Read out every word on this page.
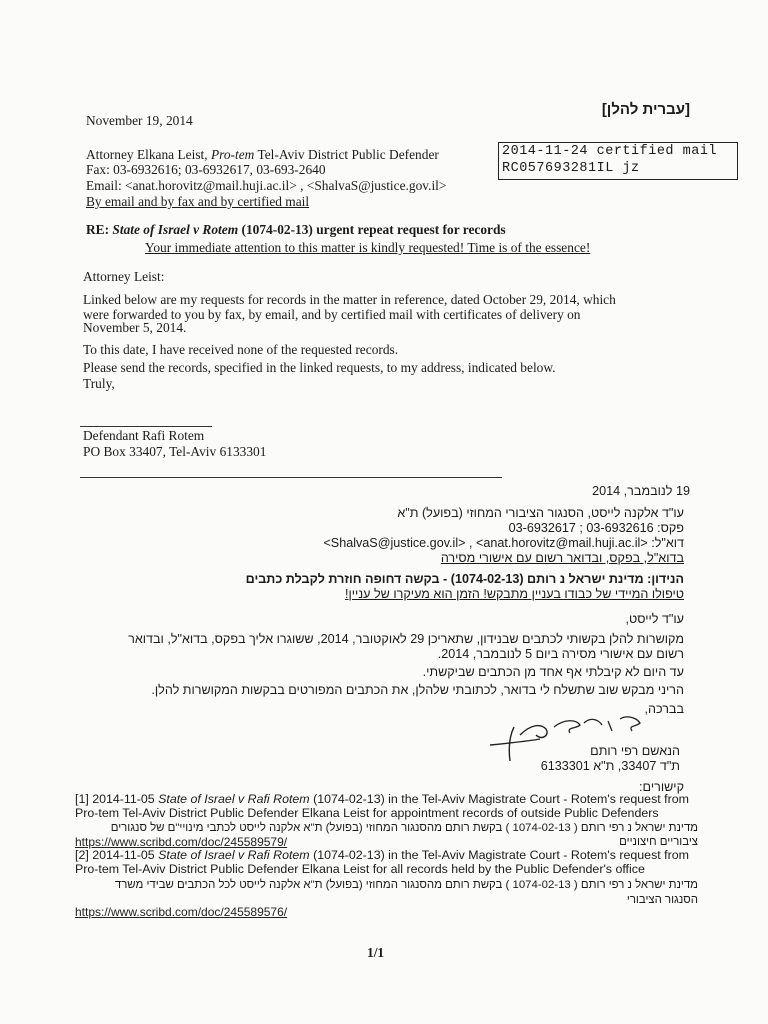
[עברית להלן]
November 19, 2014
2014-11-24 certified mail
RC057693281IL jz
Attorney Elkana Leist, Pro-tem Tel-Aviv District Public Defender
Fax: 03-6932616; 03-6932617, 03-693-2640
Email: <anat.horovitz@mail.huji.ac.il> , <ShalvaS@justice.gov.il>
By email and by fax and by certified mail
RE: State of Israel v Rotem (1074-02-13) urgent repeat request for records
Your immediate attention to this matter is kindly requested! Time is of the essence!
Attorney Leist:
Linked below are my requests for records in the matter in reference, dated October 29, 2014, which
were forwarded to you by fax, by email, and by certified mail with certificates of delivery on
November 5, 2014.
To this date, I have received none of the requested records.
Please send the records, specified in the linked requests, to my address, indicated below.
Truly,
Defendant Rafi Rotem
PO Box 33407, Tel-Aviv 6133301
19 לנובמבר, 2014
עו"ד אלקנה לייסט, הסנגור הציבורי המחוזי (בפועל) ת"א
פקס: 03-6932616 ; 03-6932617
דוא"ל: <ShalvaS@justice.gov.il> , <anat.horovitz@mail.huji.ac.il>
בדוא"ל, בפקס, ובדואר רשום עם אישורי מסירה
הנידון: מדינת ישראל נ רותם (1074-02-13) - בקשה דחופה חוזרת לקבלת כתבים
טיפולו המיידי של כבודו בעניין מתבקש! הזמן הוא מעיקרו של עניין!
עו"ד לייסט,
מקושרות להלן בקשותי לכתבים שבנידון, שתאריכן 29 לאוקטובר, 2014, ששוגרו אליך בפקס, בדוא"ל, ובדואר
רשום עם אישורי מסירה ביום 5 לנובמבר, 2014.
עד היום לא קיבלתי אף אחד מן הכתבים שביקשתי.
הריני מבקש שוב שתשלח לי בדואר, לכתובתי שלהלן, את הכתבים המפורטים בבקשות המקושרות להלן.
בברכה,
הנאשם רפי רותם
ת"ד 33407, ת"א 6133301
קישורים:
[1] 2014-11-05 State of Israel v Rafi Rotem (1074-02-13) in the Tel-Aviv Magistrate Court - Rotem's request from
Pro-tem Tel-Aviv District Public Defender Elkana Leist for appointment records of outside Public Defenders
מדינת ישראל נ רפי רותם ( 1074-02-13 ) בקשת רותם מהסנגור המחוזי (בפועל) ת"א אלקנה לייסט לכתבי מינויי"ם של סנגורים
ציבוריים חיצוניים
https://www.scribd.com/doc/245589579/
[2] 2014-11-05 State of Israel v Rafi Rotem (1074-02-13) in the Tel-Aviv Magistrate Court - Rotem's request from
Pro-tem Tel-Aviv District Public Defender Elkana Leist for all records held by the Public Defender's office
מדינת ישראל נ רפי רותם ( 1074-02-13 ) בקשת רותם מהסנגור המחוזי (בפועל) ת"א אלקנה לייסט לכל הכתבים שבידי משרד
הסנגור הציבורי
https://www.scribd.com/doc/245589576/
1/1
